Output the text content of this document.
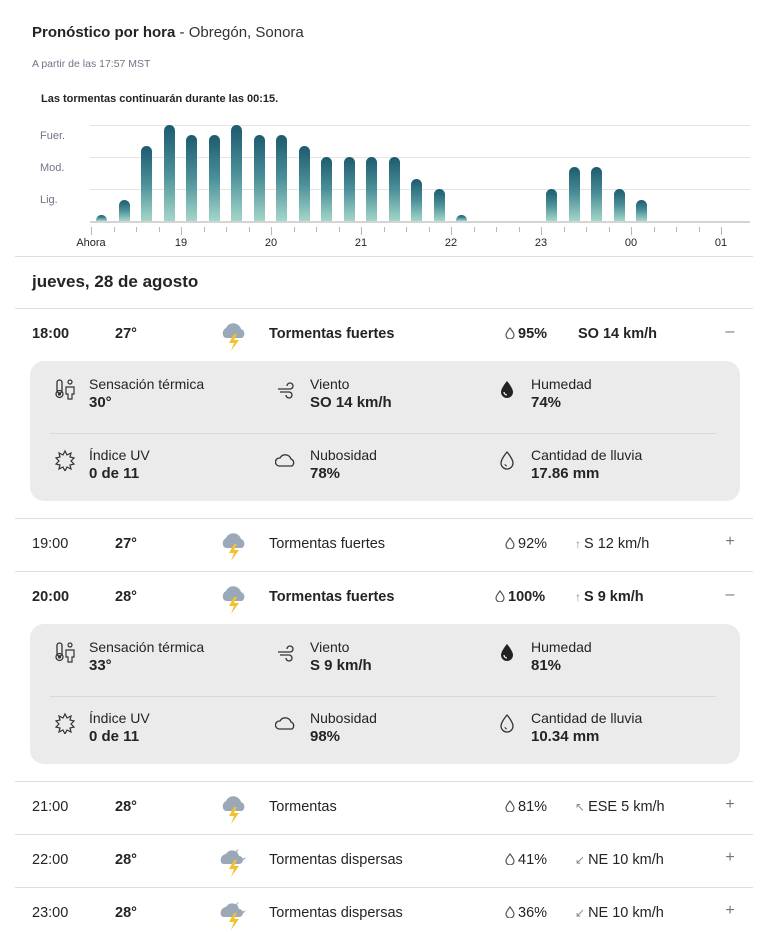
Pronóstico por hora - Obregón, Sonora
A partir de las 17:57 MST
Las tormentas continuarán durante las 00:15.
Fuer.
Mod.
Lig.
Ahora	19	20	21	22	23	00	01
jueves, 28 de agosto
18:00	27°	Tormentas fuertes	95% SO 14 km/h	–
Sensación térmica
30°
Viento
SO 14 km/h
Humedad
74%
Índice UV
0 de 11
Nubosidad
78%
Cantidad de lluvia
17.86 mm
19:00	27°	Tormentas fuertes	92% ↑ S 12 km/h	+
20:00	28°	Tormentas fuertes	100% ↑ S 9 km/h	–
Sensación térmica
33°
Viento
S 9 km/h
Humedad
81%
Índice UV
0 de 11
Nubosidad
98%
Cantidad de lluvia
10.34 mm
21:00	28°	Tormentas	81% ↖ ESE 5 km/h	+
22:00	28°	Tormentas dispersas	41% ↙ NE 10 km/h	+
23:00	28°	Tormentas dispersas	36% ↙ NE 10 km/h	+
